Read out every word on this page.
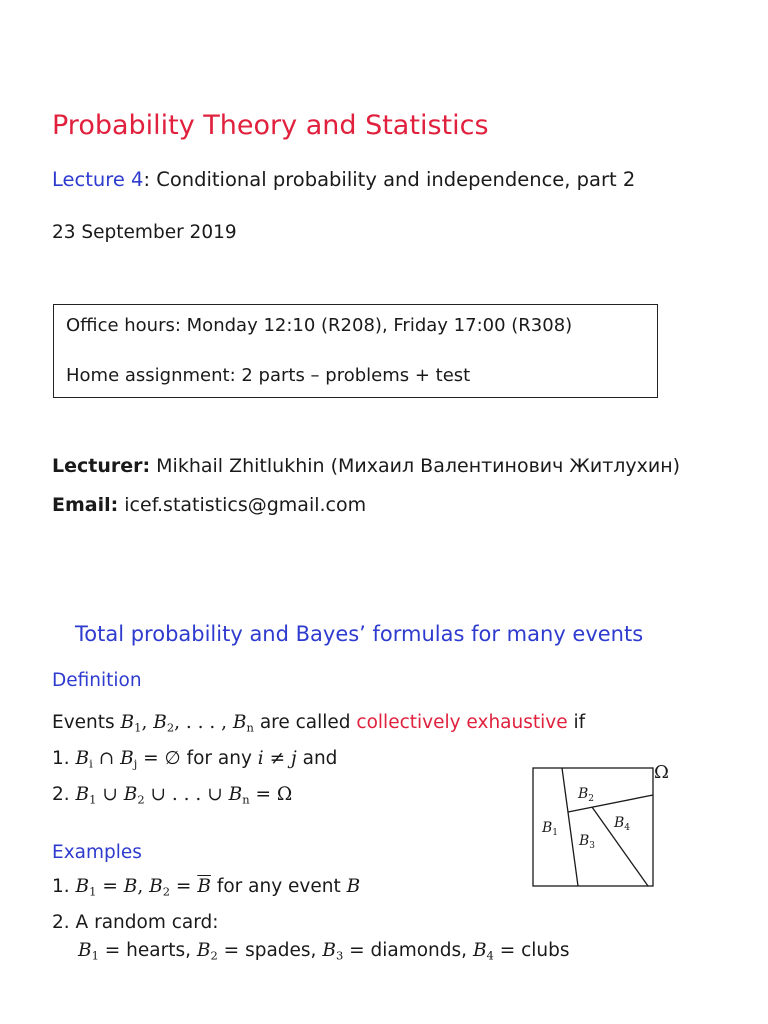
Probability Theory and Statistics
Lecture 4: Conditional probability and independence, part 2
23 September 2019
Office hours: Monday 12:10 (R208), Friday 17:00 (R308)
Home assignment: 2 parts – problems + test
Lecturer: Mikhail Zhitlukhin (Михаил Валентинович Житлухин)
Email: icef.statistics@gmail.com
Total probability and Bayes’ formulas for many events
Definition
Events $B_1$, $B_2$, . . . , $B_n$ are called collectively exhaustive if
1. $B_i$ ∩ $B_j$ = ∅ for any i ≠ j and
2. $B_1$ ∪ $B_2$ ∪ . . . ∪ $B_n = \Omega$
Examples
1. $B_1 = B$, $B_2 = \overline{B}$ for any event B
2. A random card:
$B_1$ = hearts, $B_2$ = spades, $B_3$ = diamonds, $B_4$ = clubs
Ω
$B_2$
$B_1$ $B_3$
$B_4$
